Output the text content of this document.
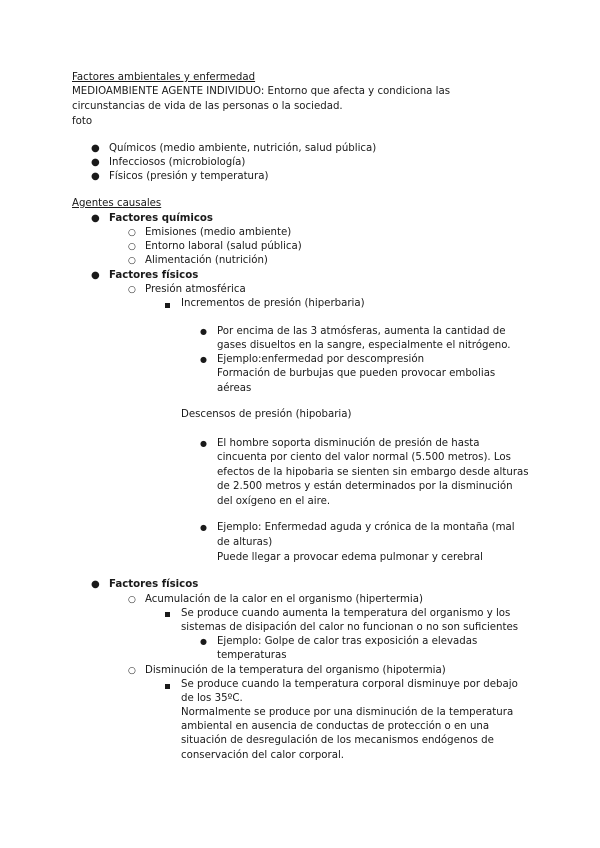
Factores ambientales y enfermedad
MEDIOAMBIENTE AGENTE INDIVIDUO: Entorno que afecta y condiciona las
circunstancias de vida de las personas o la sociedad.
foto
● Químicos (medio ambiente, nutrición, salud pública)
● Infecciosos (microbiología)
● Físicos (presión y temperatura)
Agentes causales
● Factores químicos
○ Emisiones (medio ambiente)
○ Entorno laboral (salud pública)
○ Alimentación (nutrición)
● Factores físicos
○ Presión atmosférica
Incrementos de presión (hiperbaria)
● Por encima de las 3 atmósferas, aumenta la cantidad de
gases disueltos en la sangre, especialmente el nitrógeno.
● Ejemplo:enfermedad por descompresión
Formación de burbujas que pueden provocar embolias
aéreas
Descensos de presión (hipobaria)
● El hombre soporta disminución de presión de hasta
cincuenta por ciento del valor normal (5.500 metros). Los
efectos de la hipobaria se sienten sin embargo desde alturas
de 2.500 metros y están determinados por la disminución
del oxígeno en el aire.
● Ejemplo: Enfermedad aguda y crónica de la montaña (mal
de alturas)
Puede llegar a provocar edema pulmonar y cerebral
● Factores físicos
○ Acumulación de la calor en el organismo (hipertermia)
Se produce cuando aumenta la temperatura del organismo y los
sistemas de disipación del calor no funcionan o no son suficientes
● Ejemplo: Golpe de calor tras exposición a elevadas
temperaturas
○ Disminución de la temperatura del organismo (hipotermia)
Se produce cuando la temperatura corporal disminuye por debajo
de los 35ºC.
Normalmente se produce por una disminución de la temperatura
ambiental en ausencia de conductas de protección o en una
situación de desregulación de los mecanismos endógenos de
conservación del calor corporal.
